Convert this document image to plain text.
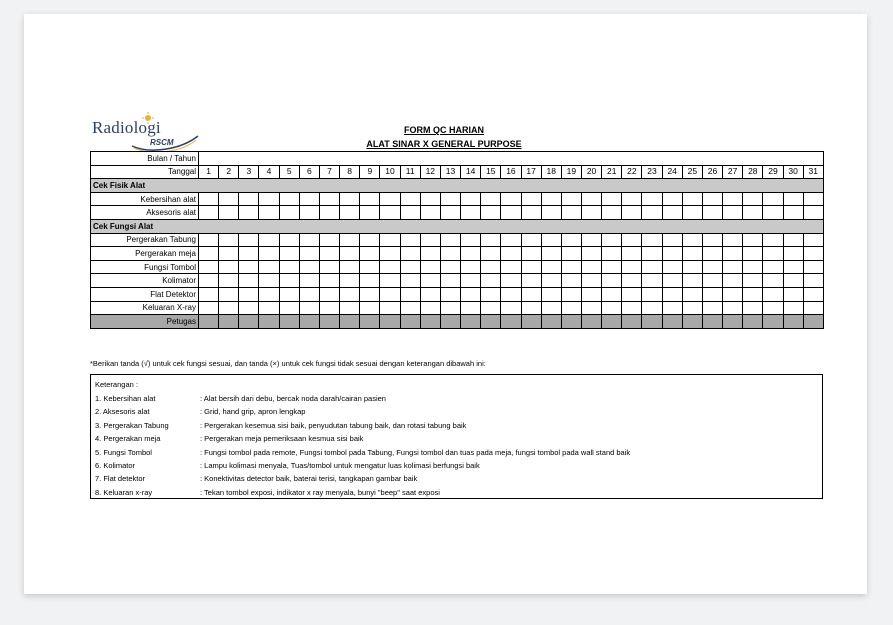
Radiologi
RSCM
FORM QC HARIAN
ALAT SINAR X GENERAL PURPOSE
Bulan / Tahun																															
Tanggal	1	2	3	4	5	6	7	8	9	10	11	12	13	14	15	16	17	18	19	20	21	22	23	24	25	26	27	28	29	30	31
Cek Fisik Alat																															
Kebersihan alat																															
Aksesoris alat																															
Cek Fungsi Alat																															
Pergerakan Tabung																															
Pergerakan meja																															
Fungsi Tombol																															
Kolimator																															
Flat Detektor																															
Keluaran X-ray																															
Petugas																															
*Berikan tanda (√) untuk cek fungsi sesuai, dan tanda (×) untuk cek fungsi tidak sesuai dengan keterangan dibawah ini:
Keterangan :
1. Kebersihan alat	: Alat bersih dari debu, bercak noda darah/cairan pasien
2. Aksesoris alat	: Grid, hand grip, apron lengkap
3. Pergerakan Tabung	: Pergerakan kesemua sisi baik, penyudutan tabung baik, dan rotasi tabung baik
4. Pergerakan meja	: Pergerakan meja pemeriksaan kesmua sisi baik
5. Fungsi Tombol	: Fungsi tombol pada remote, Fungsi tombol pada Tabung, Fungsi tombol dan tuas pada meja, fungsi tombol pada wall stand baik
6. Kolimator	: Lampu kolimasi menyala, Tuas/tombol untuk mengatur luas kolimasi berfungsi baik
7. Flat detektor	: Konektivitas detector baik, baterai terisi, tangkapan gambar baik
8. Keluaran x-ray	: Tekan tombol exposi, indikator x ray menyala, bunyi "beep" saat exposi
